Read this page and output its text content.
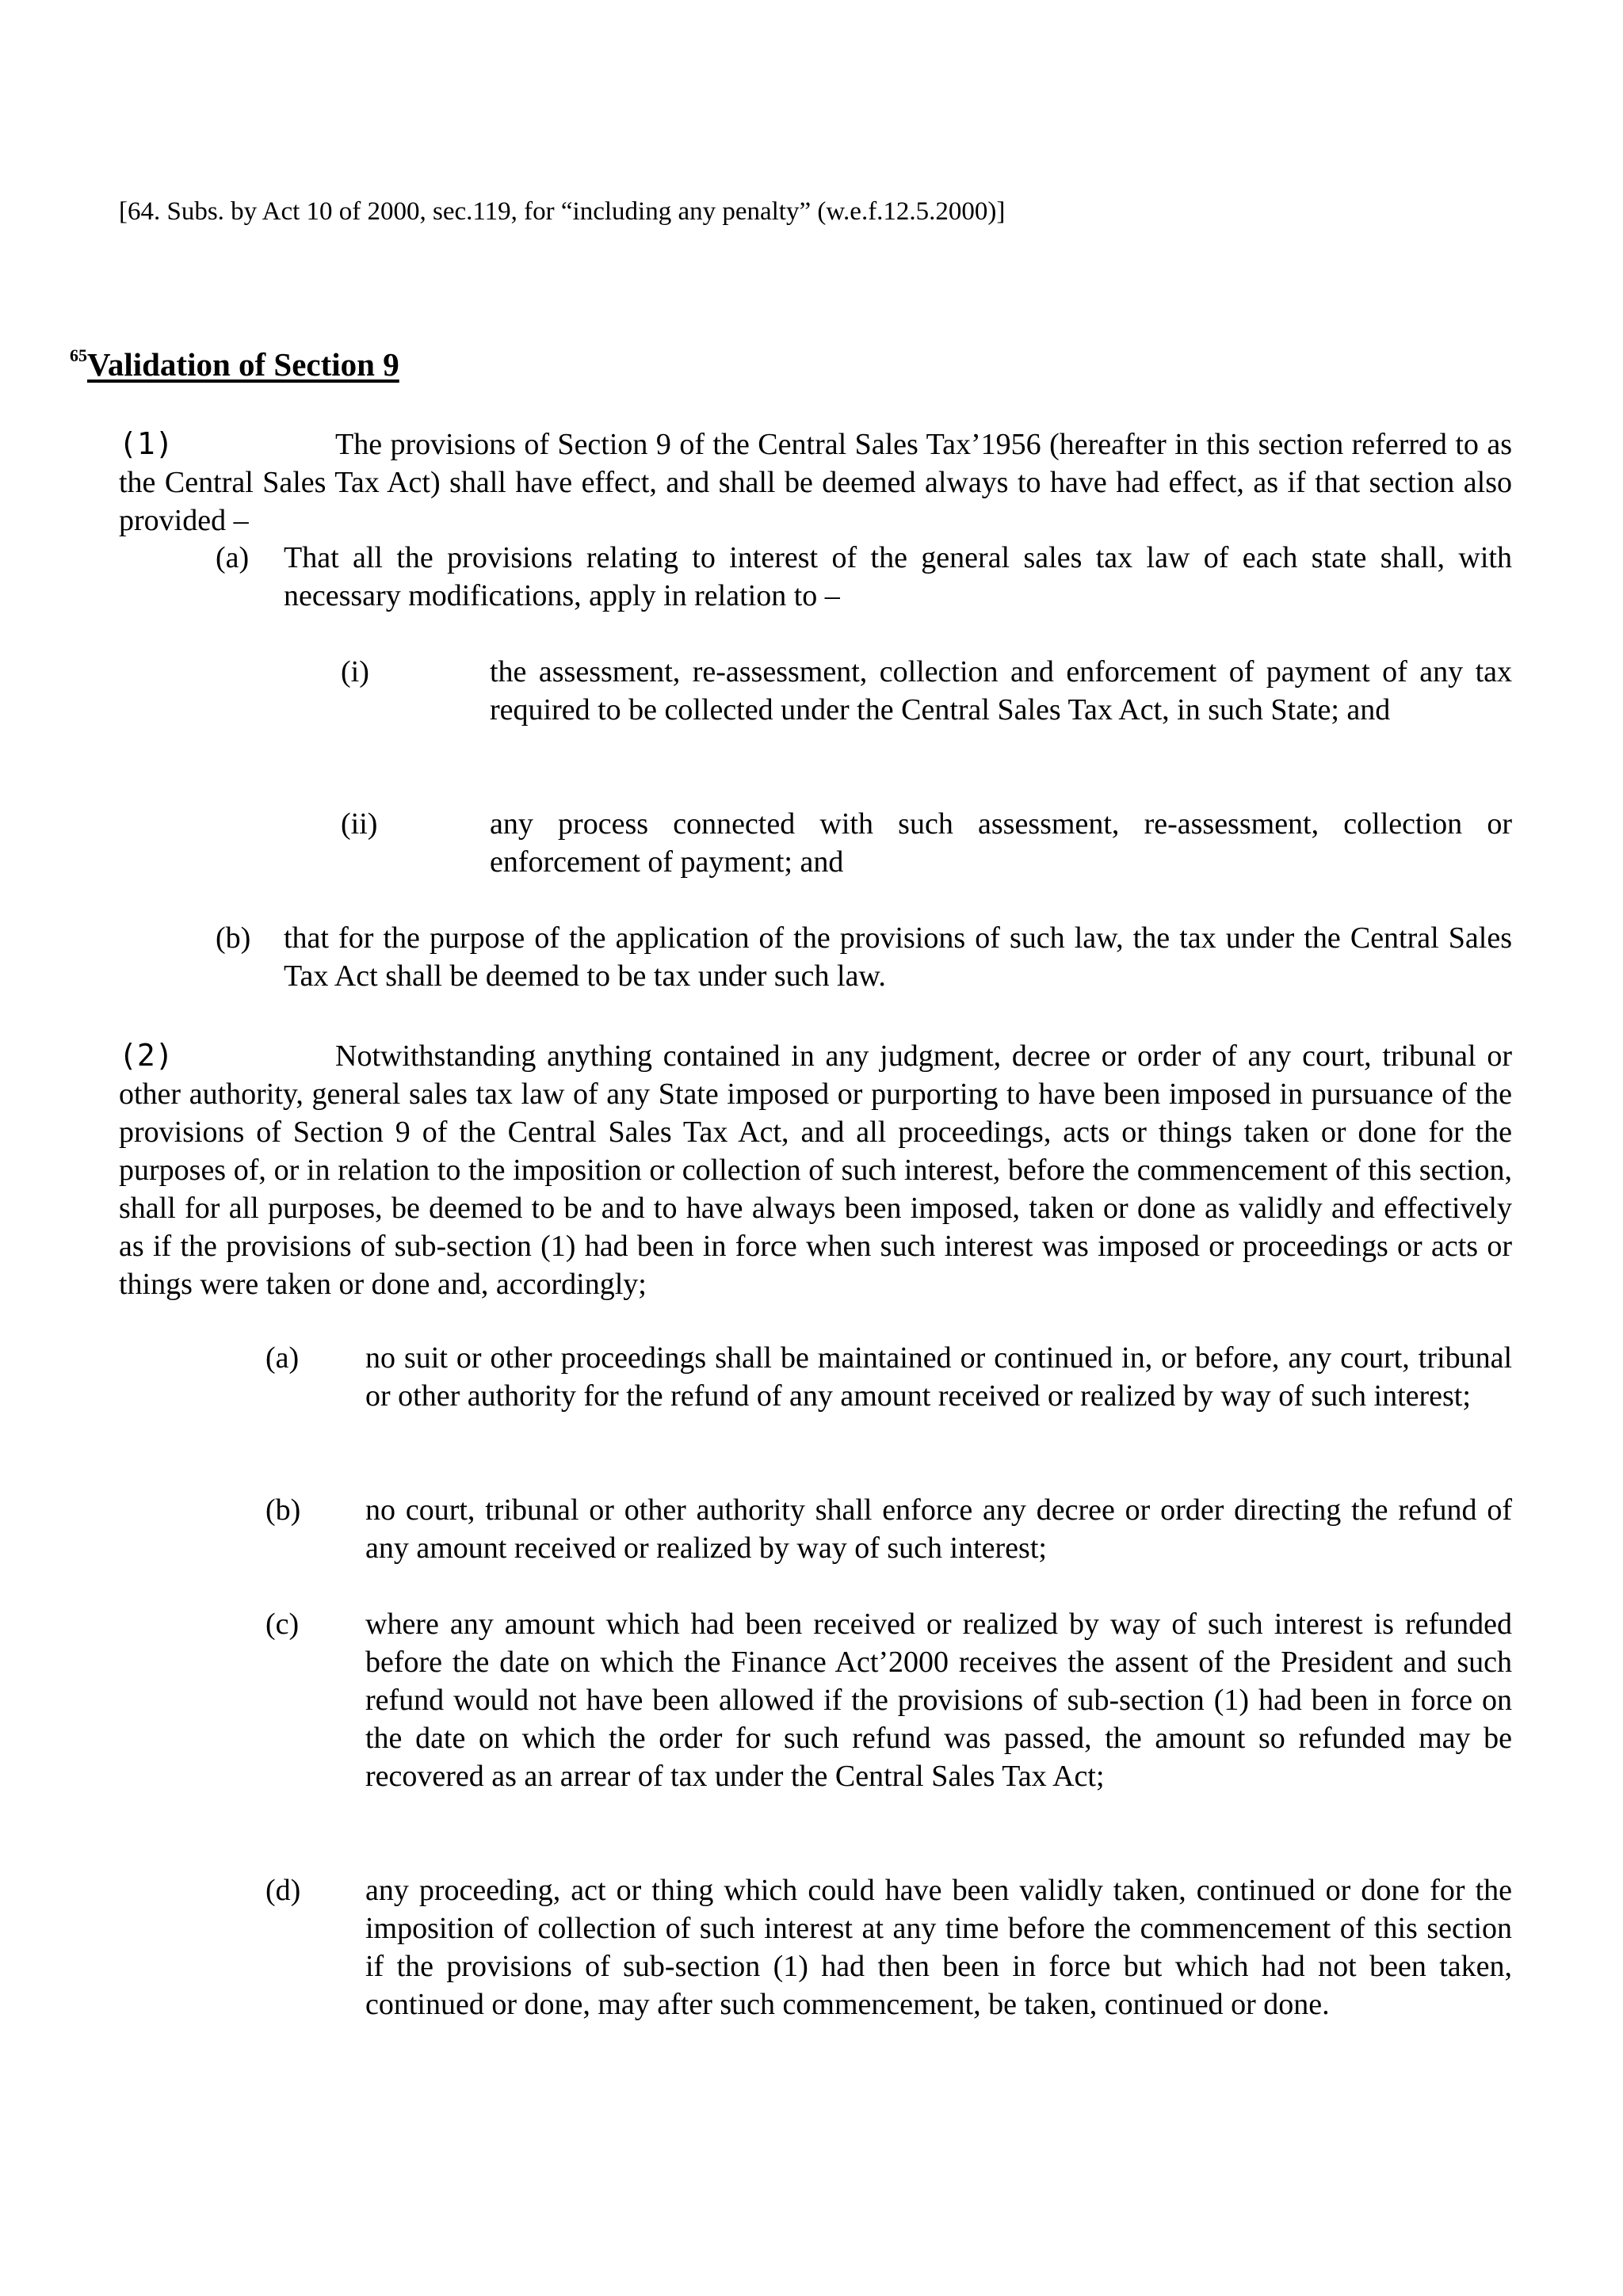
[64. Subs. by Act 10 of 2000, sec.119, for “including any penalty” (w.e.f.12.5.2000)]
$^{65}$Validation of Section 9
(1)	The provisions of Section 9 of the Central Sales Tax’1956 (hereafter in this section referred to as the Central Sales Tax Act) shall have effect, and shall be deemed always to have had effect, as if that section also provided –
(a)	That all the provisions relating to interest of the general sales tax law of each state shall, with necessary modifications, apply in relation to –
(i)	the assessment, re-assessment, collection and enforcement of payment of any tax required to be collected under the Central Sales Tax Act, in such State; and
(ii)	any process connected with such assessment, re-assessment, collection or enforcement of payment; and
(b)	that for the purpose of the application of the provisions of such law, the tax under the Central Sales Tax Act shall be deemed to be tax under such law.
(2)	Notwithstanding anything contained in any judgment, decree or order of any court, tribunal or other authority, general sales tax law of any State imposed or purporting to have been imposed in pursuance of the provisions of Section 9 of the Central Sales Tax Act, and all proceedings, acts or things taken or done for the purposes of, or in relation to the imposition or collection of such interest, before the commencement of this section, shall for all purposes, be deemed to be and to have always been imposed, taken or done as validly and effectively as if the provisions of sub-section (1) had been in force when such interest was imposed or proceedings or acts or things were taken or done and, accordingly;
(a)	no suit or other proceedings shall be maintained or continued in, or before, any court, tribunal or other authority for the refund of any amount received or realized by way of such interest;
(b)	no court, tribunal or other authority shall enforce any decree or order directing the refund of any amount received or realized by way of such interest;
(c)	where any amount which had been received or realized by way of such interest is refunded before the date on which the Finance Act’2000 receives the assent of the President and such refund would not have been allowed if the provisions of sub-section (1) had been in force on the date on which the order for such refund was passed, the amount so refunded may be recovered as an arrear of tax under the Central Sales Tax Act;
(d)	any proceeding, act or thing which could have been validly taken, continued or done for the imposition of collection of such interest at any time before the commencement of this section if the provisions of sub-section (1) had then been in force but which had not been taken, continued or done, may after such commencement, be taken, continued or done.
